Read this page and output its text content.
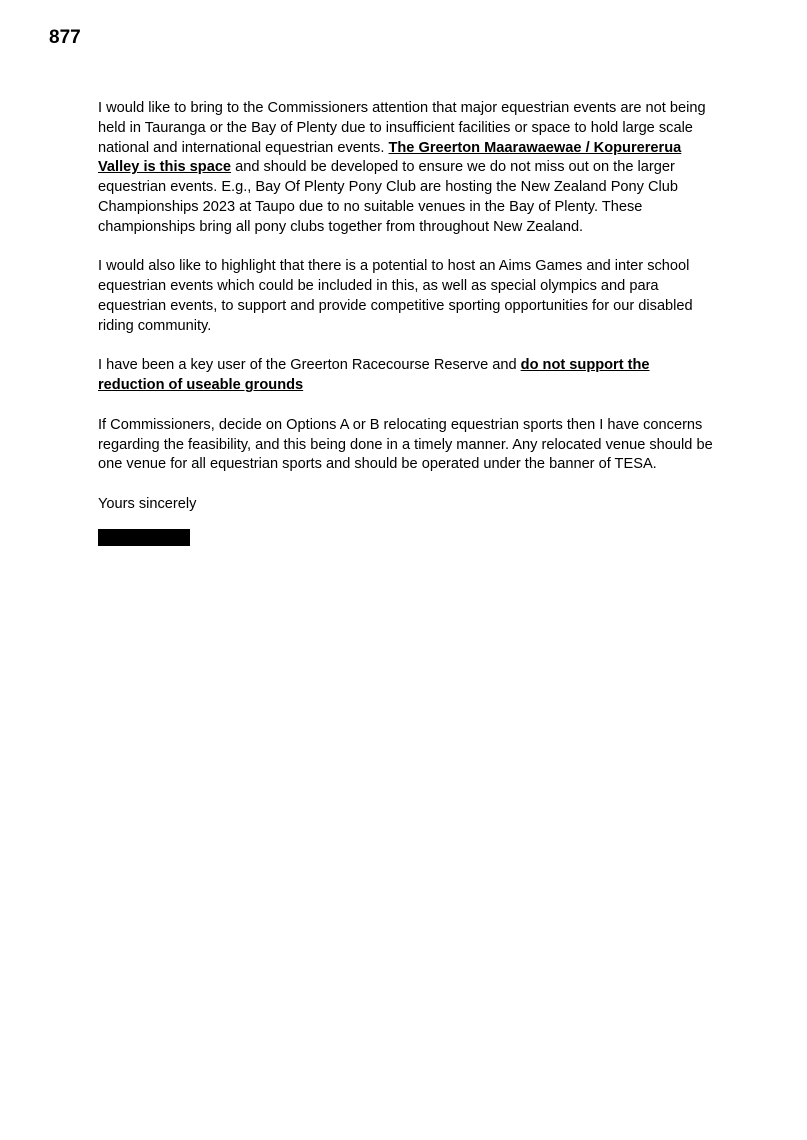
877

I would like to bring to the Commissioners attention that major equestrian events are not being held in Tauranga or the Bay of Plenty due to insufficient facilities or space to hold large scale national and international equestrian events. The Greerton Maarawaewae / Kopurererua Valley is this space and should be developed to ensure we do not miss out on the larger equestrian events. E.g., Bay Of Plenty Pony Club are hosting the New Zealand Pony Club Championships 2023 at Taupo due to no suitable venues in the Bay of Plenty. These championships bring all pony clubs together from throughout New Zealand.

I would also like to highlight that there is a potential to host an Aims Games and inter school equestrian events which could be included in this, as well as special olympics and para equestrian events, to support and provide competitive sporting opportunities for our disabled riding community.

I have been a key user of the Greerton Racecourse Reserve and do not support the reduction of useable grounds

If Commissioners, decide on Options A or B relocating equestrian sports then I have concerns regarding the feasibility, and this being done in a timely manner. Any relocated venue should be one venue for all equestrian sports and should be operated under the banner of TESA.

Yours sincerely
